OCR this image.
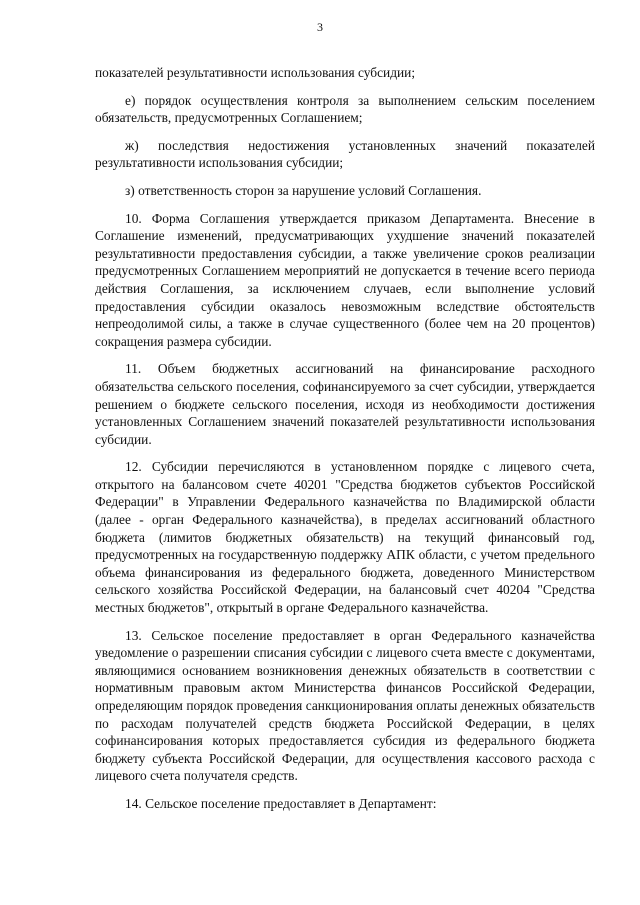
3

показателей результативности использования субсидии;

е) порядок осуществления контроля за выполнением сельским поселением обязательств, предусмотренных Соглашением;

ж) последствия недостижения установленных значений показателей результативности использования субсидии;

з) ответственность сторон за нарушение условий Соглашения.

10. Форма Соглашения утверждается приказом Департамента. Внесение в Соглашение изменений, предусматривающих ухудшение значений показателей результативности предоставления субсидии, а также увеличение сроков реализации предусмотренных Соглашением мероприятий не допускается в течение всего периода действия Соглашения, за исключением случаев, если выполнение условий предоставления субсидии оказалось невозможным вследствие обстоятельств непреодолимой силы, а также в случае существенного (более чем на 20 процентов) сокращения размера субсидии.

11. Объем бюджетных ассигнований на финансирование расходного обязательства сельского поселения, софинансируемого за счет субсидии, утверждается решением о бюджете сельского поселения, исходя из необходимости достижения установленных Соглашением значений показателей результативности использования субсидии.

12. Субсидии перечисляются в установленном порядке с лицевого счета, открытого на балансовом счете 40201 "Средства бюджетов субъектов Российской Федерации" в Управлении Федерального казначейства по Владимирской области (далее - орган Федерального казначейства), в пределах ассигнований областного бюджета (лимитов бюджетных обязательств) на текущий финансовый год, предусмотренных на государственную поддержку АПК области, с учетом предельного объема финансирования из федерального бюджета, доведенного Министерством сельского хозяйства Российской Федерации, на балансовый счет 40204 "Средства местных бюджетов", открытый в органе Федерального казначейства.

13. Сельское поселение предоставляет в орган Федерального казначейства уведомление о разрешении списания субсидии с лицевого счета вместе с документами, являющимися основанием возникновения денежных обязательств в соответствии с нормативным правовым актом Министерства финансов Российской Федерации, определяющим порядок проведения санкционирования оплаты денежных обязательств по расходам получателей средств бюджета Российской Федерации, в целях софинансирования которых предоставляется субсидия из федерального бюджета бюджету субъекта Российской Федерации, для осуществления кассового расхода с лицевого счета получателя средств.

14. Сельское поселение предоставляет в Департамент:
